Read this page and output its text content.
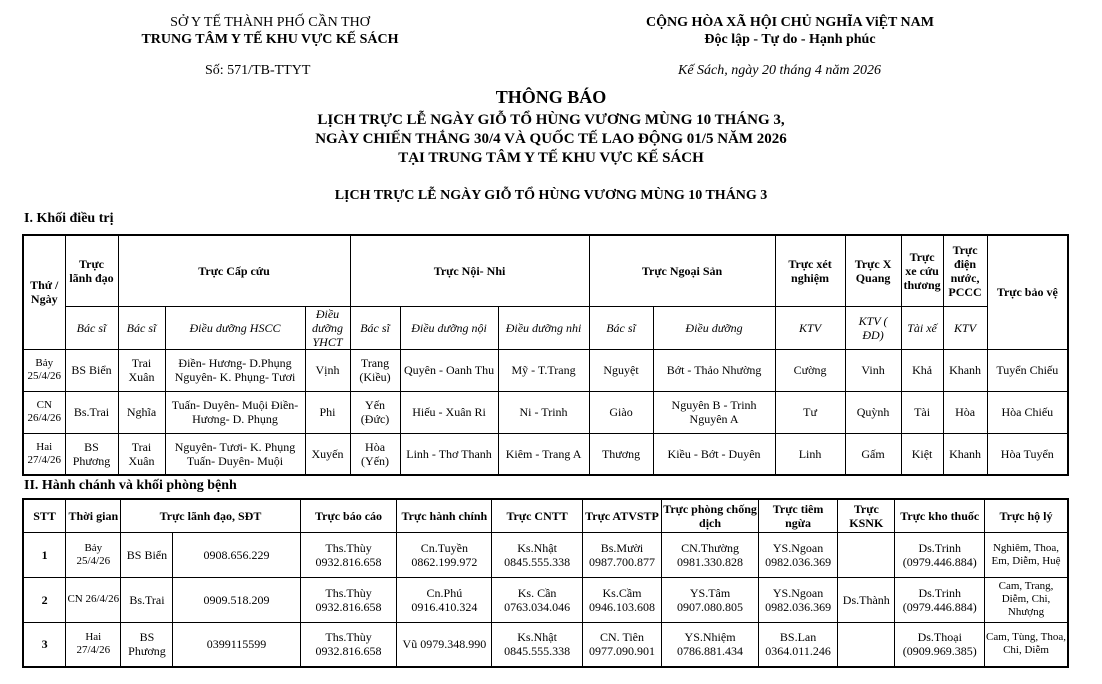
SỞ Y TẾ THÀNH PHỐ CẦN THƠ
TRUNG TÂM Y TẾ KHU VỰC KẾ SÁCH
CỘNG HÒA XÃ HỘI CHỦ NGHĨA ViỆT NAM
Độc lập - Tự do - Hạnh phúc
Số: 571/TB-TTYT	Kế Sách, ngày 20 tháng 4 năm 2026
THÔNG BÁO
LỊCH TRỰC LỄ NGÀY GIỖ TỔ HÙNG VƯƠNG MÙNG 10 THÁNG 3,
NGÀY CHIẾN THẮNG 30/4 VÀ QUỐC TẾ LAO ĐỘNG 01/5 NĂM 2026
TẠI TRUNG TÂM Y TẾ KHU VỰC KẾ SÁCH
LỊCH TRỰC LỄ NGÀY GIỖ TỔ HÙNG VƯƠNG MÙNG 10 THÁNG 3
I. Khối điều trị
Thứ / Ngày	Trực lãnh đạo	Trực Cấp cứu			Trực Nội- Nhi			Trực Ngoại Sản		Trực xét nghiệm	Trực X Quang	Trực xe cứu thương	Trực điện nước, PCCC	Trực bảo vệ
	Bác sĩ	Bác sĩ	Điều dưỡng HSCC	Điều dưỡng YHCT	Bác sĩ	Điều dưỡng nội	Điều dưỡng nhi	Bác sĩ	Điều dưỡng	KTV	KTV ( ĐD)	Tài xế	KTV	
Bảy 25/4/26	BS Biển	Trai Xuân	Điền- Hương- D.Phụng Nguyên- K. Phụng- Tươi	Vịnh	Trang (Kiều)	Quyên - Oanh Thu	Mỹ - T.Trang	Nguyệt	Bớt - Thảo Nhường	Cường	Vinh	Khả	Khanh	Tuyển Chiếu
CN 26/4/26	Bs.Trai	Nghĩa	Tuấn- Duyên- Muội Điền- Hương- D. Phụng	Phi	Yến (Đức)	Hiếu - Xuân Ri	Ni - Trinh	Giào	Nguyên B - Trinh Nguyên A	Tư	Quỳnh	Tài	Hòa	Hòa Chiếu
Hai 27/4/26	BS Phương	Trai Xuân	Nguyên- Tươi- K. Phụng Tuấn- Duyên- Muội	Xuyến	Hòa (Yến)	Linh - Thơ Thanh	Kiêm - Trang A	Thương	Kiều - Bớt - Duyên	Linh	Gấm	Kiệt	Khanh	Hòa Tuyển
II. Hành chánh và khối phòng bệnh
STT	Thời gian	Trực lãnh đạo, SĐT		Trực báo cáo	Trực hành chính	Trực CNTT	Trực ATVSTP	Trực phòng chống dịch	Trực tiêm ngừa	Trực KSNK	Trực kho thuốc	Trực hộ lý
1	Bảy 25/4/26	BS Biển	0908.656.229	Ths.Thùy 0932.816.658	Cn.Tuyền 0862.199.972	Ks.Nhật 0845.555.338	Bs.Mười 0987.700.877	CN.Thường 0981.330.828	YS.Ngoan 0982.036.369		Ds.Trinh (0979.446.884)	Nghiêm, Thoa, Em, Diễm, Huệ
2	CN 26/4/26	Bs.Trai	0909.518.209	Ths.Thùy 0932.816.658	Cn.Phú 0916.410.324	Ks. Cần 0763.034.046	Ks.Cầm 0946.103.608	YS.Tâm 0907.080.805	YS.Ngoan 0982.036.369	Ds.Thành	Ds.Trinh (0979.446.884)	Cam, Trang, Diễm, Chi, Nhượng
3	Hai 27/4/26	BS Phương	0399115599	Ths.Thùy 0932.816.658	Vũ 0979.348.990	Ks.Nhật 0845.555.338	CN. Tiên 0977.090.901	YS.Nhiệm 0786.881.434	BS.Lan 0364.011.246		Ds.Thoại (0909.969.385)	Cam, Tùng, Thoa, Chi, Diễm
